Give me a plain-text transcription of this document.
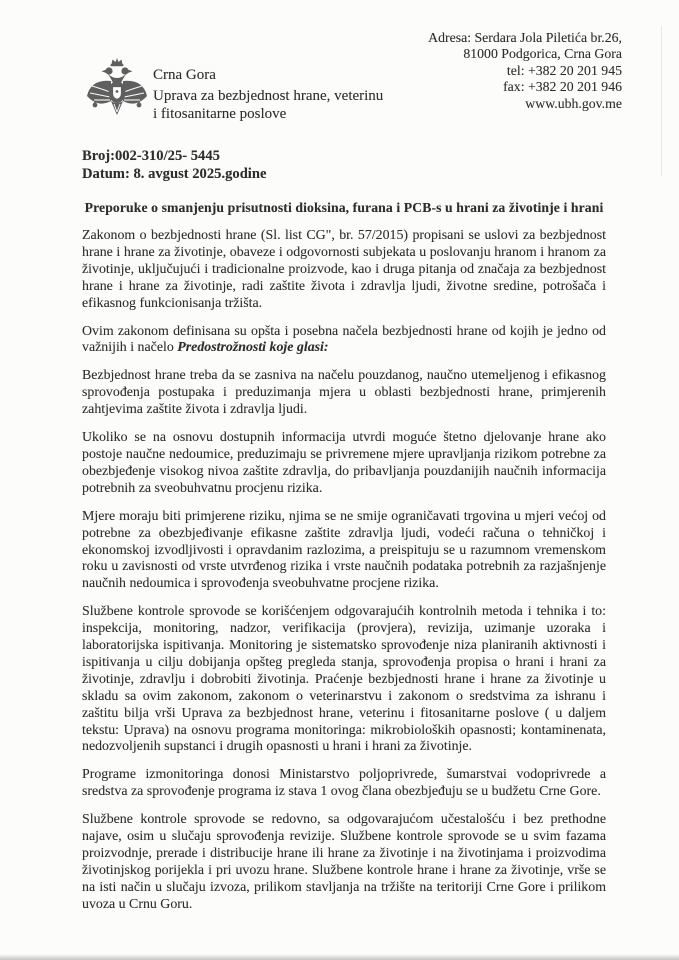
Crna Gora
Uprava za bezbjednost hrane, veterinu
i fitosanitarne poslove
Adresa: Serdara Jola Piletića br.26,
81000 Podgorica, Crna Gora
tel: +382 20 201 945
fax: +382 20 201 946
www.ubh.gov.me
Broj:002-310/25- 5445
Datum: 8. avgust 2025.godine
Preporuke o smanjenju prisutnosti dioksina, furana i PCB-s u hrani za životinje i hrani

Zakonom o bezbjednosti hrane (Sl. list CG", br. 57/2015) propisani se uslovi za bezbjednost hrane i hrane za životinje, obaveze i odgovornosti subjekata u poslovanju hranom i hranom za životinje, uključujući i tradicionalne proizvode, kao i druga pitanja od značaja za bezbjednost hrane i hrane za životinje, radi zaštite života i zdravlja ljudi, životne sredine, potrošača i efikasnog funkcionisanja tržišta.

Ovim zakonom definisana su opšta i posebna načela bezbjednosti hrane od kojih je jedno od važnijih i načelo Predostrožnosti koje glasi:

Bezbjednost hrane treba da se zasniva na načelu pouzdanog, naučno utemeljenog i efikasnog sprovođenja postupaka i preduzimanja mjera u oblasti bezbjednosti hrane, primjerenih zahtjevima zaštite života i zdravlja ljudi.

Ukoliko se na osnovu dostupnih informacija utvrdi moguće štetno djelovanje hrane ako postoje naučne nedoumice, preduzimaju se privremene mjere upravljanja rizikom potrebne za obezbjeđenje visokog nivoa zaštite zdravlja, do pribavljanja pouzdanijih naučnih informacija potrebnih za sveobuhvatnu procjenu rizika.

Mjere moraju biti primjerene riziku, njima se ne smije ograničavati trgovina u mjeri većoj od potrebne za obezbjeđivanje efikasne zaštite zdravlja ljudi, vodeći računa o tehničkoj i ekonomskoj izvodljivosti i opravdanim razlozima, a preispituju se u razumnom vremenskom roku u zavisnosti od vrste utvrđenog rizika i vrste naučnih podataka potrebnih za razjašnjenje naučnih nedoumica i sprovođenja sveobuhvatne procjene rizika.

Službene kontrole sprovode se korišćenjem odgovarajućih kontrolnih metoda i tehnika i to: inspekcija, monitoring, nadzor, verifikacija (provjera), revizija, uzimanje uzoraka i laboratorijska ispitivanja. Monitoring je sistematsko sprovođenje niza planiranih aktivnosti i ispitivanja u cilju dobijanja opšteg pregleda stanja, sprovođenja propisa o hrani i hrani za životinje, zdravlju i dobrobiti životinja. Praćenje bezbjednosti hrane i hrane za životinje u skladu sa ovim zakonom, zakonom o veterinarstvu i zakonom o sredstvima za ishranu i zaštitu bilja vrši Uprava za bezbjednost hrane, veterinu i fitosanitarne poslove ( u daljem tekstu: Uprava) na osnovu programa monitoringa: mikrobioloških opasnosti; kontaminenata, nedozvoljenih supstanci i drugih opasnosti u hrani i hrani za životinje.

Programe izmonitoringa donosi Ministarstvo poljoprivrede, šumarstvai vodoprivrede a sredstva za sprovođenje programa iz stava 1 ovog člana obezbjeđuju se u budžetu Crne Gore.

Službene kontrole sprovode se redovno, sa odgovarajućom učestalošću i bez prethodne najave, osim u slučaju sprovođenja revizije. Službene kontrole sprovode se u svim fazama proizvodnje, prerade i distribucije hrane ili hrane za životinje i na životinjama i proizvodima životinjskog porijekla i pri uvozu hrane. Službene kontrole hrane i hrane za životinje, vrše se na isti način u slučaju izvoza, prilikom stavljanja na tržište na teritoriji Crne Gore i prilikom uvoza u Crnu Goru.
